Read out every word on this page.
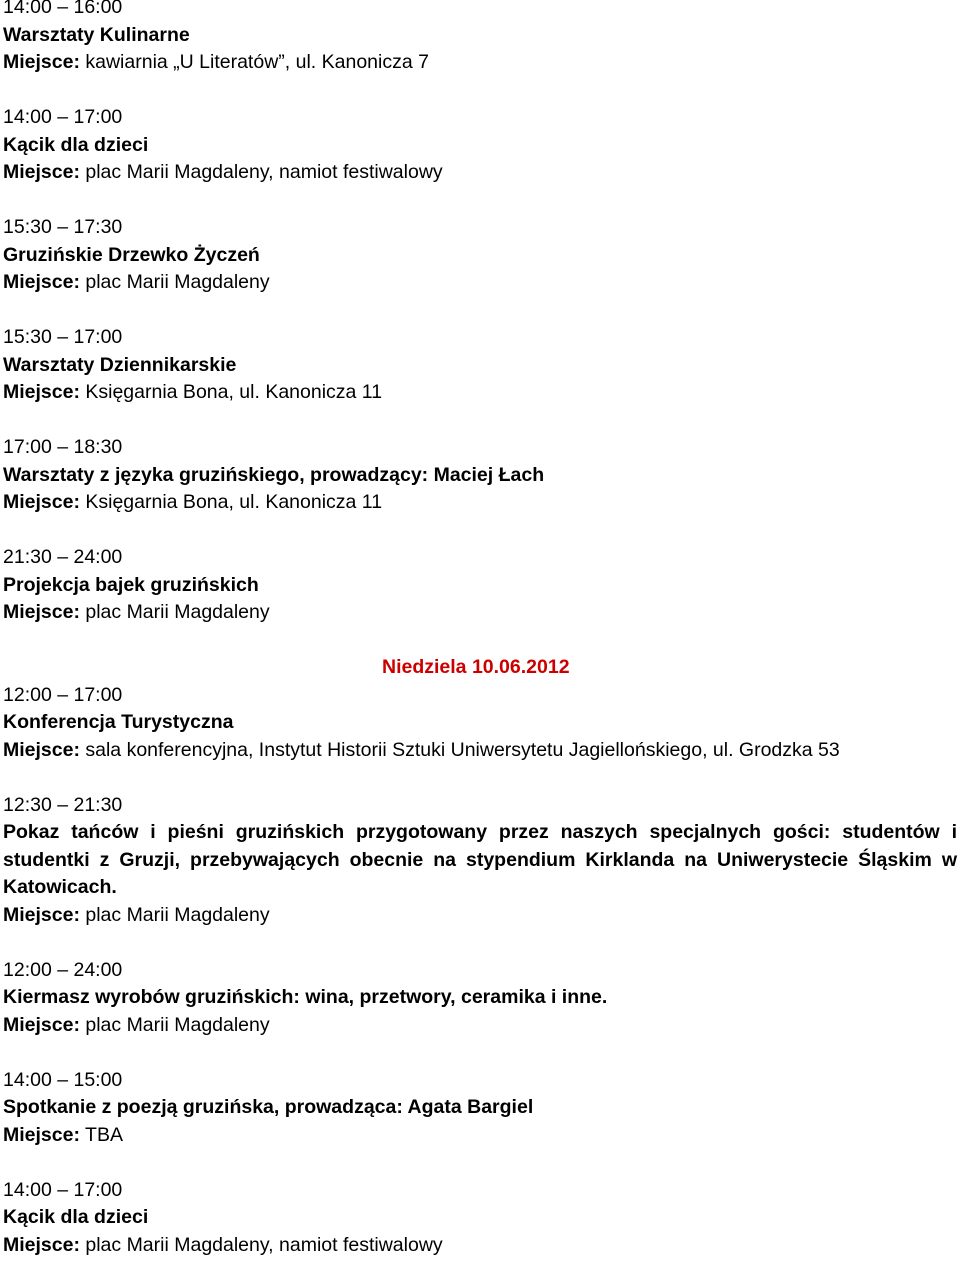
14:00 – 16:00
Warsztaty Kulinarne
Miejsce: kawiarnia „U Literatów”, ul. Kanonicza 7
14:00 – 17:00
Kącik dla dzieci
Miejsce: plac Marii Magdaleny, namiot festiwalowy
15:30 – 17:30
Gruzińskie Drzewko Życzeń
Miejsce: plac Marii Magdaleny
15:30 – 17:00
Warsztaty Dziennikarskie
Miejsce: Księgarnia Bona, ul. Kanonicza 11
17:00 – 18:30
Warsztaty z języka gruzińskiego, prowadzący: Maciej Łach
Miejsce: Księgarnia Bona, ul. Kanonicza 11
21:30 – 24:00
Projekcja bajek gruzińskich
Miejsce: plac Marii Magdaleny
Niedziela 10.06.2012
12:00 – 17:00
Konferencja Turystyczna
Miejsce: sala konferencyjna, Instytut Historii Sztuki Uniwersytetu Jagiellońskiego, ul. Grodzka 53
12:30 – 21:30
Pokaz tańców i pieśni gruzińskich przygotowany przez naszych specjalnych gości: studentów i studentki z Gruzji, przebywających obecnie na stypendium Kirklanda na Uniwerystecie Śląskim w Katowicach.
Miejsce: plac Marii Magdaleny
12:00 – 24:00
Kiermasz wyrobów gruzińskich: wina, przetwory, ceramika i inne.
Miejsce: plac Marii Magdaleny
14:00 – 15:00
Spotkanie z poezją gruzińska, prowadząca: Agata Bargiel
Miejsce: TBA
14:00 – 17:00
Kącik dla dzieci
Miejsce: plac Marii Magdaleny, namiot festiwalowy
